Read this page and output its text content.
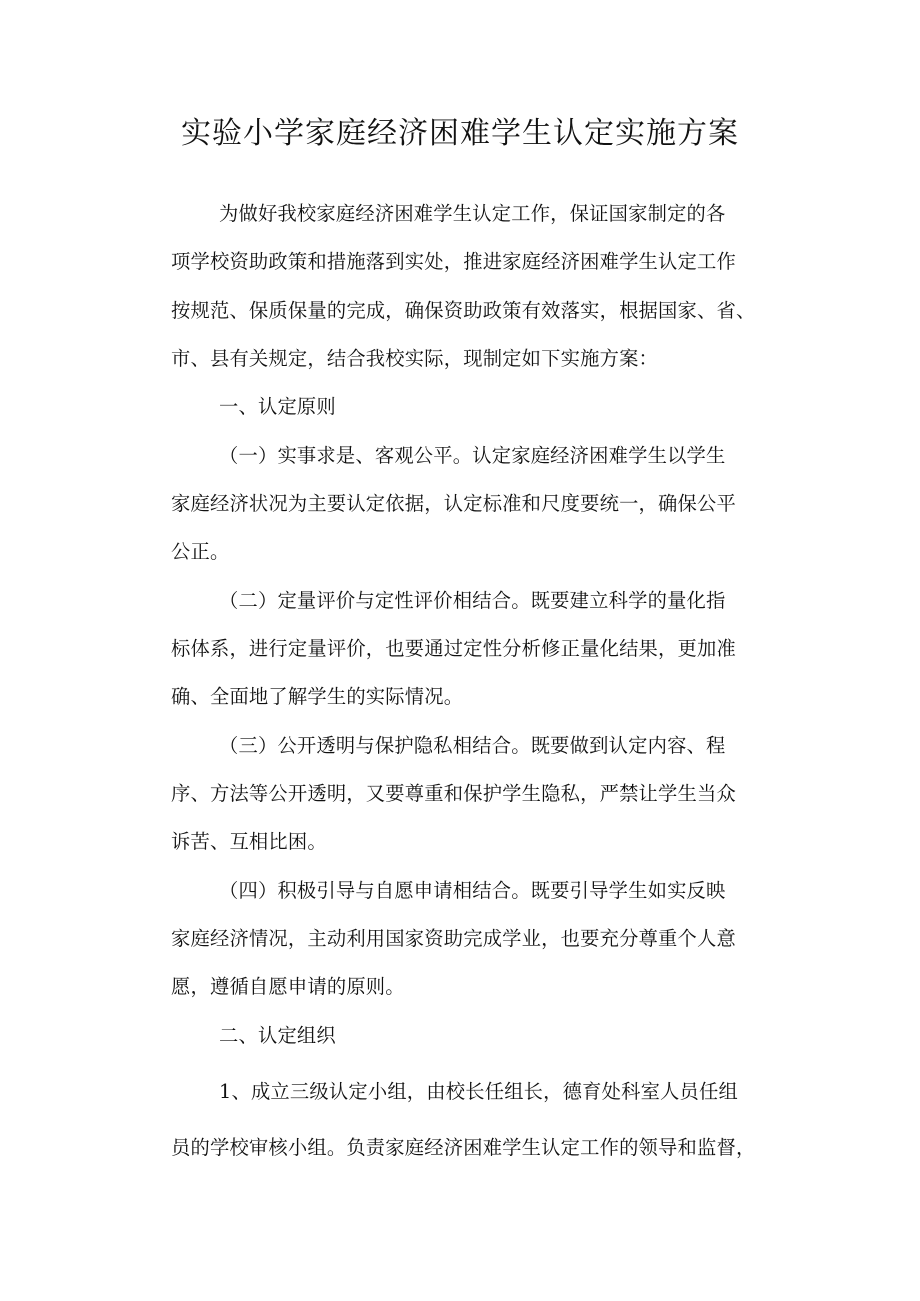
实验小学家庭经济困难学生认定实施方案
为做好我校家庭经济困难学生认定工作，保证国家制定的各
项学校资助政策和措施落到实处，推进家庭经济困难学生认定工作
按规范、保质保量的完成，确保资助政策有效落实，根据国家、省、
市、县有关规定，结合我校实际，现制定如下实施方案：
一、认定原则
（一）实事求是、客观公平。认定家庭经济困难学生以学生
家庭经济状况为主要认定依据，认定标准和尺度要统一，确保公平
公正。
（二）定量评价与定性评价相结合。既要建立科学的量化指
标体系，进行定量评价，也要通过定性分析修正量化结果，更加准
确、全面地了解学生的实际情况。
（三）公开透明与保护隐私相结合。既要做到认定内容、程
序、方法等公开透明，又要尊重和保护学生隐私，严禁让学生当众
诉苦、互相比困。
（四）积极引导与自愿申请相结合。既要引导学生如实反映
家庭经济情况，主动利用国家资助完成学业，也要充分尊重个人意
愿，遵循自愿申请的原则。
二、认定组织
1、成立三级认定小组，由校长任组长，德育处科室人员任组
员的学校审核小组。负责家庭经济困难学生认定工作的领导和监督，
